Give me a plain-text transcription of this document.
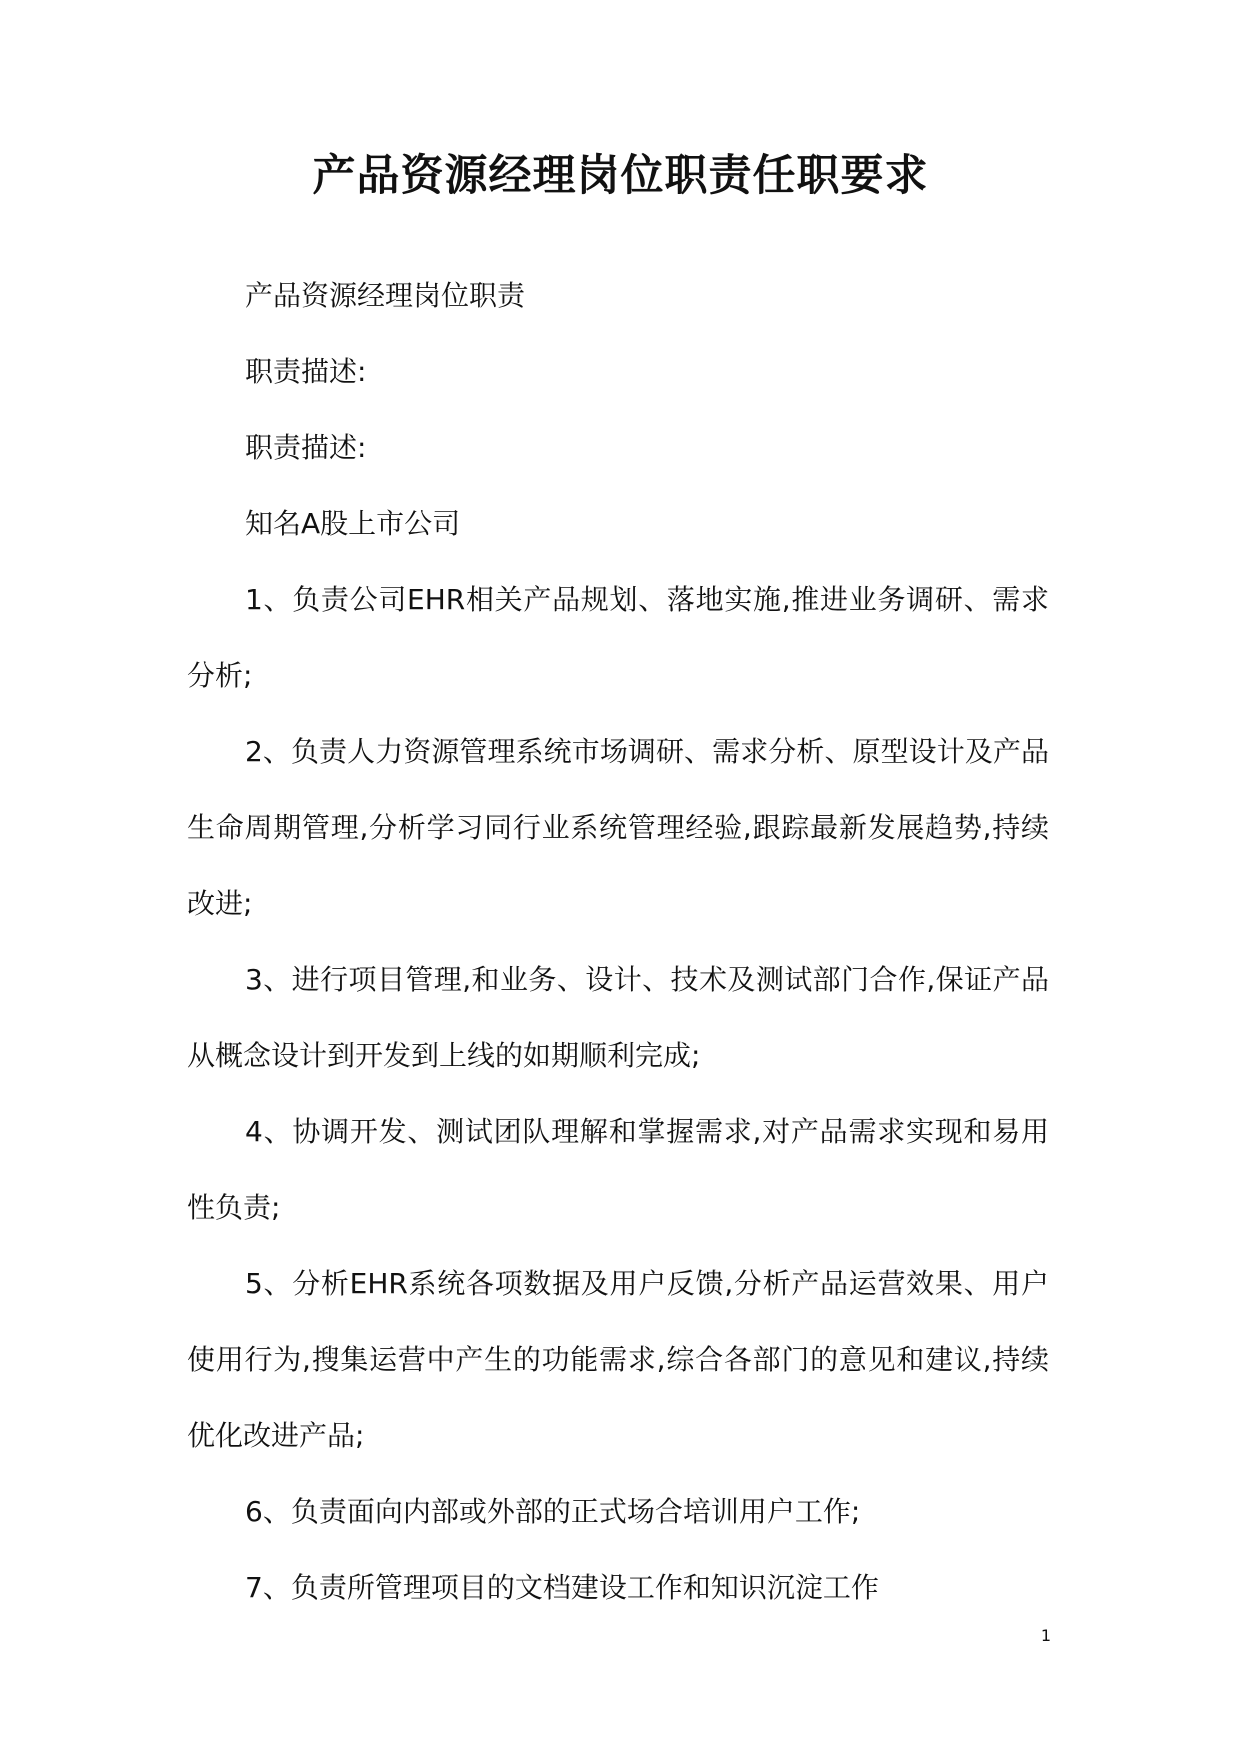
产品资源经理岗位职责任职要求

产品资源经理岗位职责

职责描述:

职责描述:

知名A股上市公司

1、负责公司EHR相关产品规划、落地实施,推进业务调研、需求分析;

2、负责人力资源管理系统市场调研、需求分析、原型设计及产品生命周期管理,分析学习同行业系统管理经验,跟踪最新发展趋势,持续改进;

3、进行项目管理,和业务、设计、技术及测试部门合作,保证产品从概念设计到开发到上线的如期顺利完成;

4、协调开发、测试团队理解和掌握需求,对产品需求实现和易用性负责;

5、分析EHR系统各项数据及用户反馈,分析产品运营效果、用户使用行为,搜集运营中产生的功能需求,综合各部门的意见和建议,持续优化改进产品;

6、负责面向内部或外部的正式场合培训用户工作;

7、负责所管理项目的文档建设工作和知识沉淀工作

1
